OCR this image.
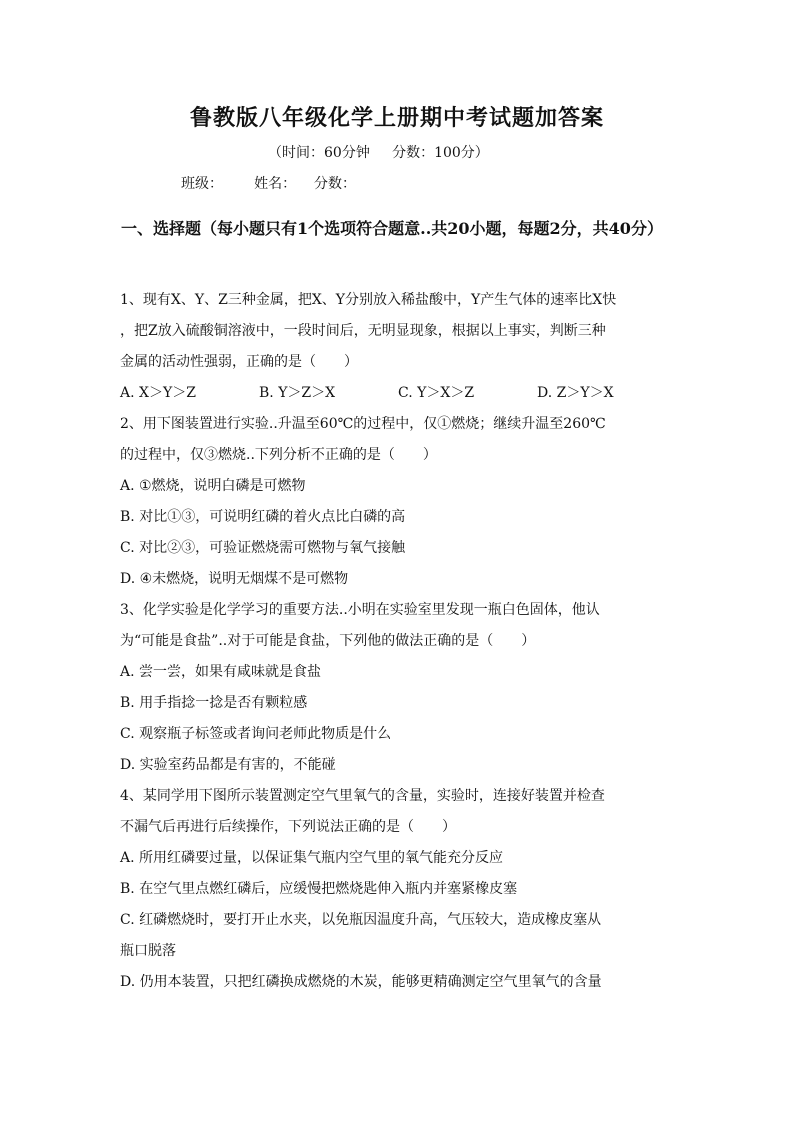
鲁教版八年级化学上册期中考试题加答案
（时间：60分钟     分数：100分）
班级：       姓名：    分数：
一、选择题（每小题只有1个选项符合题意..共20小题，每题2分，共40分）
1、现有X、Y、Z三种金属，把X、Y分别放入稀盐酸中，Y产生气体的速率比X快
，把Z放入硫酸铜溶液中，一段时间后，无明显现象，根据以上事实，判断三种
金属的活动性强弱，正确的是（　　）
A. X＞Y＞Z	B. Y＞Z＞X	C. Y＞X＞Z	D. Z＞Y＞X
2、用下图装置进行实验..升温至60℃的过程中，仅①燃烧；继续升温至260℃
的过程中，仅③燃烧..下列分析不正确的是（　　）
A. ①燃烧，说明白磷是可燃物
B. 对比①③，可说明红磷的着火点比白磷的高
C. 对比②③，可验证燃烧需可燃物与氧气接触
D. ④未燃烧，说明无烟煤不是可燃物
3、化学实验是化学学习的重要方法..小明在实验室里发现一瓶白色固体，他认
为“可能是食盐”..对于可能是食盐，下列他的做法正确的是（　　）
A. 尝一尝，如果有咸味就是食盐
B. 用手指捻一捻是否有颗粒感
C. 观察瓶子标签或者询问老师此物质是什么
D. 实验室药品都是有害的，不能碰
4、某同学用下图所示装置测定空气里氧气的含量，实验时，连接好装置并检查
不漏气后再进行后续操作，下列说法正确的是（　　）
A. 所用红磷要过量，以保证集气瓶内空气里的氧气能充分反应
B. 在空气里点燃红磷后，应缓慢把燃烧匙伸入瓶内并塞紧橡皮塞
C. 红磷燃烧时，要打开止水夹，以免瓶因温度升高，气压较大，造成橡皮塞从
瓶口脱落
D. 仍用本装置，只把红磷换成燃烧的木炭，能够更精确测定空气里氧气的含量
